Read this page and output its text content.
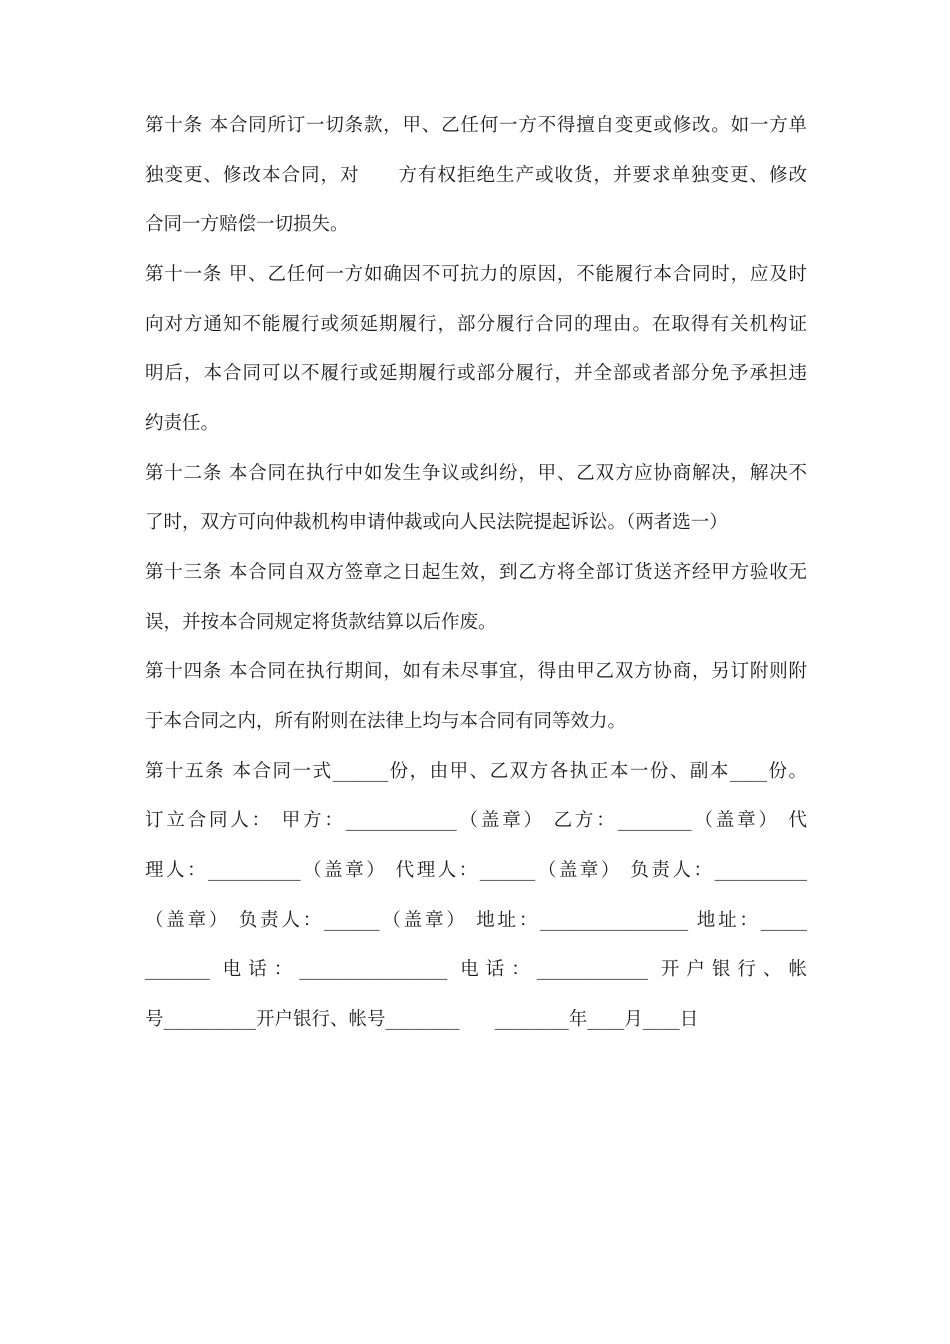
第十条 本合同所订一切条款，甲、乙任何一方不得擅自变更或修改。如一方单
独变更、修改本合同，对　　方有权拒绝生产或收货，并要求单独变更、修改
合同一方赔偿一切损失。
第十一条 甲、乙任何一方如确因不可抗力的原因，不能履行本合同时，应及时
向对方通知不能履行或须延期履行，部分履行合同的理由。在取得有关机构证
明后，本合同可以不履行或延期履行或部分履行，并全部或者部分免予承担违
约责任。
第十二条 本合同在执行中如发生争议或纠纷，甲、乙双方应协商解决，解决不
了时，双方可向仲裁机构申请仲裁或向人民法院提起诉讼。（两者选一）
第十三条 本合同自双方签章之日起生效，到乙方将全部订货送齐经甲方验收无
误，并按本合同规定将货款结算以后作废。
第十四条 本合同在执行期间，如有未尽事宜，得由甲乙双方协商，另订附则附
于本合同之内，所有附则在法律上均与本合同有同等效力。
第十五条 本合同一式______份，由甲、乙双方各执正本一份、副本____份。
订立合同人： 甲方：____________（盖章） 乙方：________（盖章） 代
理人：__________（盖章） 代理人：______（盖章） 负责人：__________
（盖章） 负责人：______（盖章） 地址：________________ 地址：_____
_______ 电话：________________ 电话：____________ 开户银行、帐
号__________开户银行、帐号________      ________年____月____日
